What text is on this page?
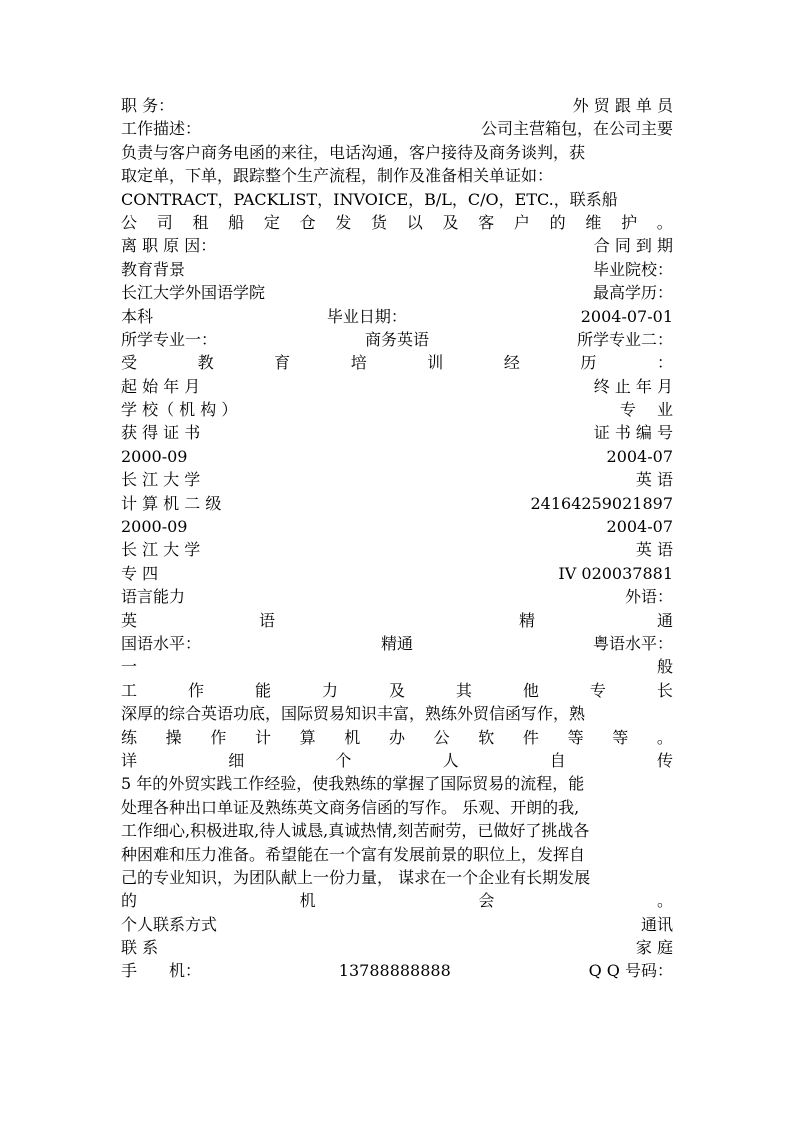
职 务：	外 贸 跟 单 员
工作描述：	公司主营箱包，在公司主要
负责与客户商务电函的来往，电话沟通，客户接待及商务谈判，获
取定单，下单，跟踪整个生产流程，制作及准备相关单证如：
CONTRACT，PACKLIST，INVOICE，B/L，C/O，ETC.，联系船
公 司 租 船 定 仓 发 货 以 及 客 户 的 维 护 。
离 职 原 因：	合 同 到 期
教育背景	毕业院校：
长江大学外国语学院	最高学历：
本科	毕业日期：	2004-07-01
所学专业一：	商务英语	所学专业二：
受	教	育	培	训	经	历	：
起 始 年 月	终 止 年 月
学 校（ 机 构 ）	专　 业
获 得 证 书	证 书 编 号
2000-09	2004-07
长 江 大 学	英 语
计 算 机 二 级	24164259021897
2000-09	2004-07
长 江 大 学	英 语
专 四	IV 020037881
语言能力	外语：
英	语	精	通
国语水平：	精通	粤语水平：
一	般
工	作	能	力	及	其	他	专	长
深厚的综合英语功底，国际贸易知识丰富，熟练外贸信函写作，熟
练 操 作 计 算 机 办 公 软 件 等 等 。
详	细	个	人	自	传
5 年的外贸实践工作经验，使我熟练的掌握了国际贸易的流程，能
处理各种出口单证及熟练英文商务信函的写作。 乐观、开朗的我,
工作细心,积极进取,待人诚恳,真诚热情,刻苦耐劳，已做好了挑战各
种困难和压力准备。希望能在一个富有发展前景的职位上，发挥自
己的专业知识，为团队献上一份力量， 谋求在一个企业有长期发展
的	机	会	。
个人联系方式	通讯
联 系	家 庭
手　　机：	13788888888	Q Q 号码：
